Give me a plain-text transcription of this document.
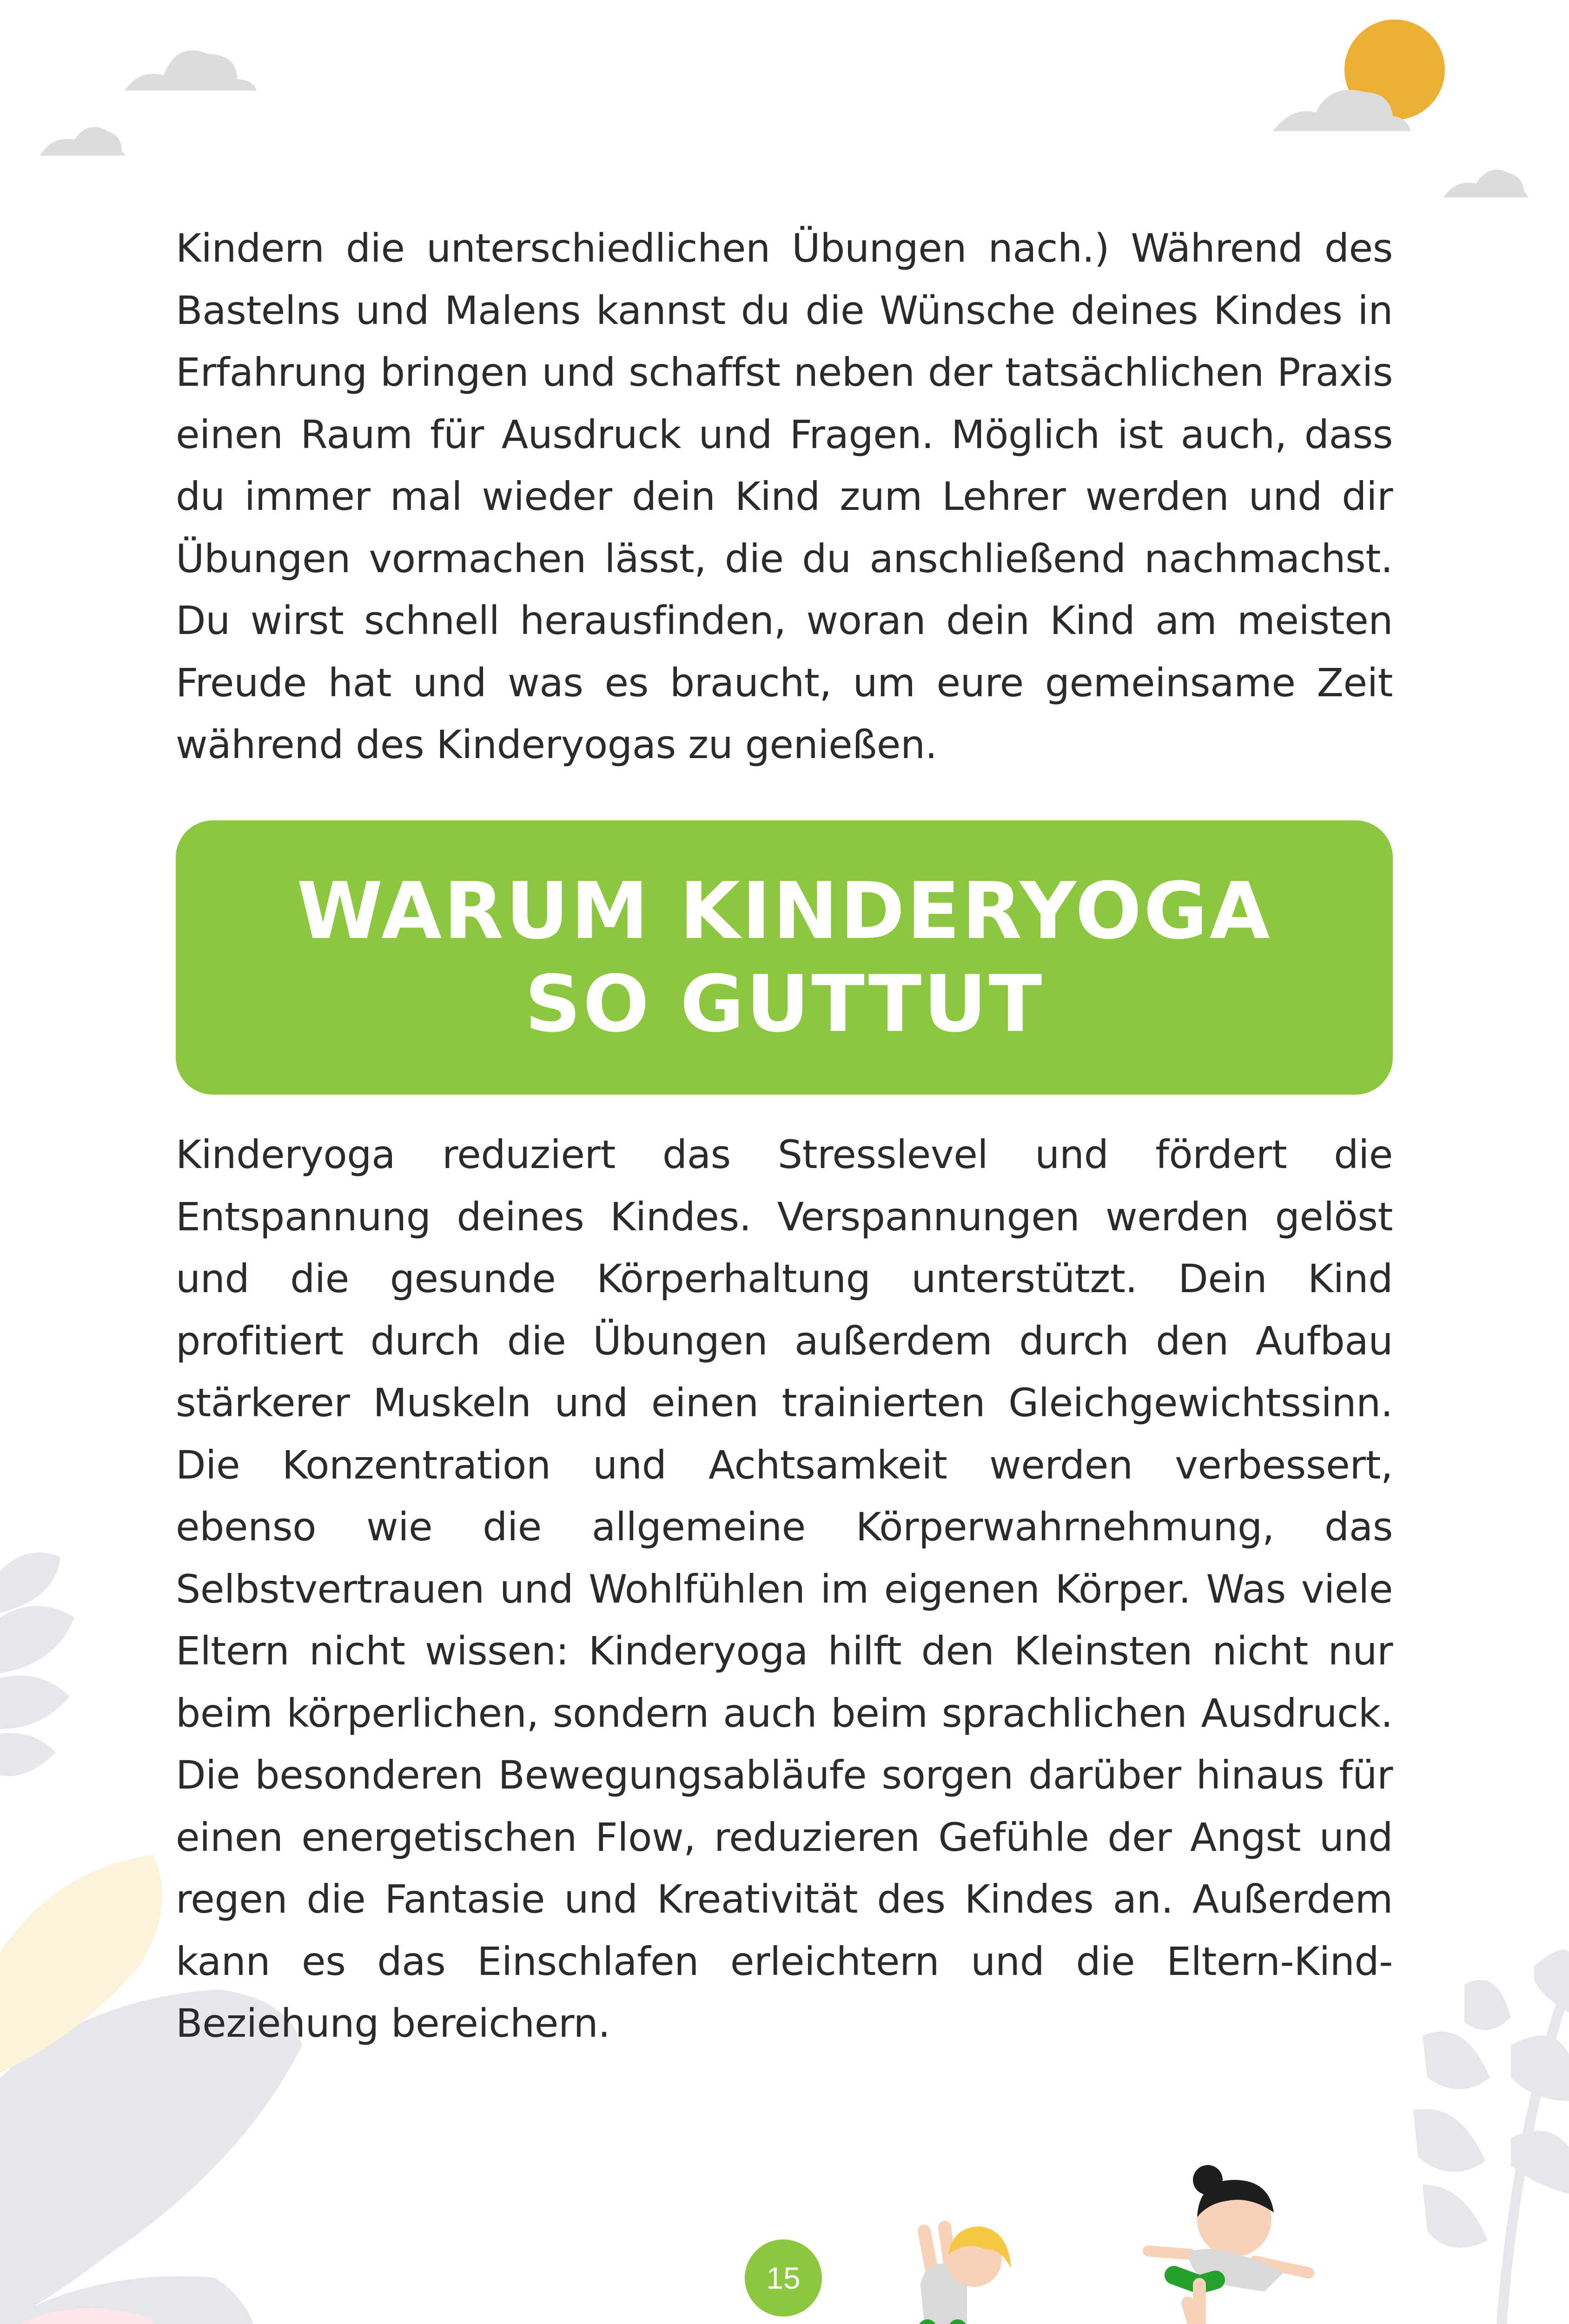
Kindern die unterschiedlichen Übungen nach.) Während des Bastelns und Malens kannst du die Wünsche deines Kindes in Erfahrung bringen und schaffst neben der tatsächlichen Praxis einen Raum für Ausdruck und Fragen. Möglich ist auch, dass du immer mal wieder dein Kind zum Lehrer werden und dir Übungen vormachen lässt, die du anschließend nachmachst. Du wirst schnell herausfinden, woran dein Kind am meisten Freude hat und was es braucht, um eure gemeinsame Zeit während des Kinderyogas zu genießen.

WARUM KINDERYOGA
SO GUTTUT

Kinderyoga reduziert das Stresslevel und fördert die Entspannung deines Kindes. Verspannungen werden gelöst und die gesunde Körperhaltung unterstützt. Dein Kind profitiert durch die Übungen außerdem durch den Aufbau stärkerer Muskeln und einen trainierten Gleichgewichtssinn. Die Konzentration und Achtsamkeit werden verbessert, ebenso wie die allgemeine Körperwahrnehmung, das Selbstvertrauen und Wohlfühlen im eigenen Körper. Was viele Eltern nicht wissen: Kinderyoga hilft den Kleinsten nicht nur beim körperlichen, sondern auch beim sprachlichen Ausdruck. Die besonderen Bewegungsabläufe sorgen darüber hinaus für einen energetischen Flow, reduzieren Gefühle der Angst und regen die Fantasie und Kreativität des Kindes an. Außerdem kann es das Einschlafen erleichtern und die Eltern-Kind-Beziehung bereichern.

15
